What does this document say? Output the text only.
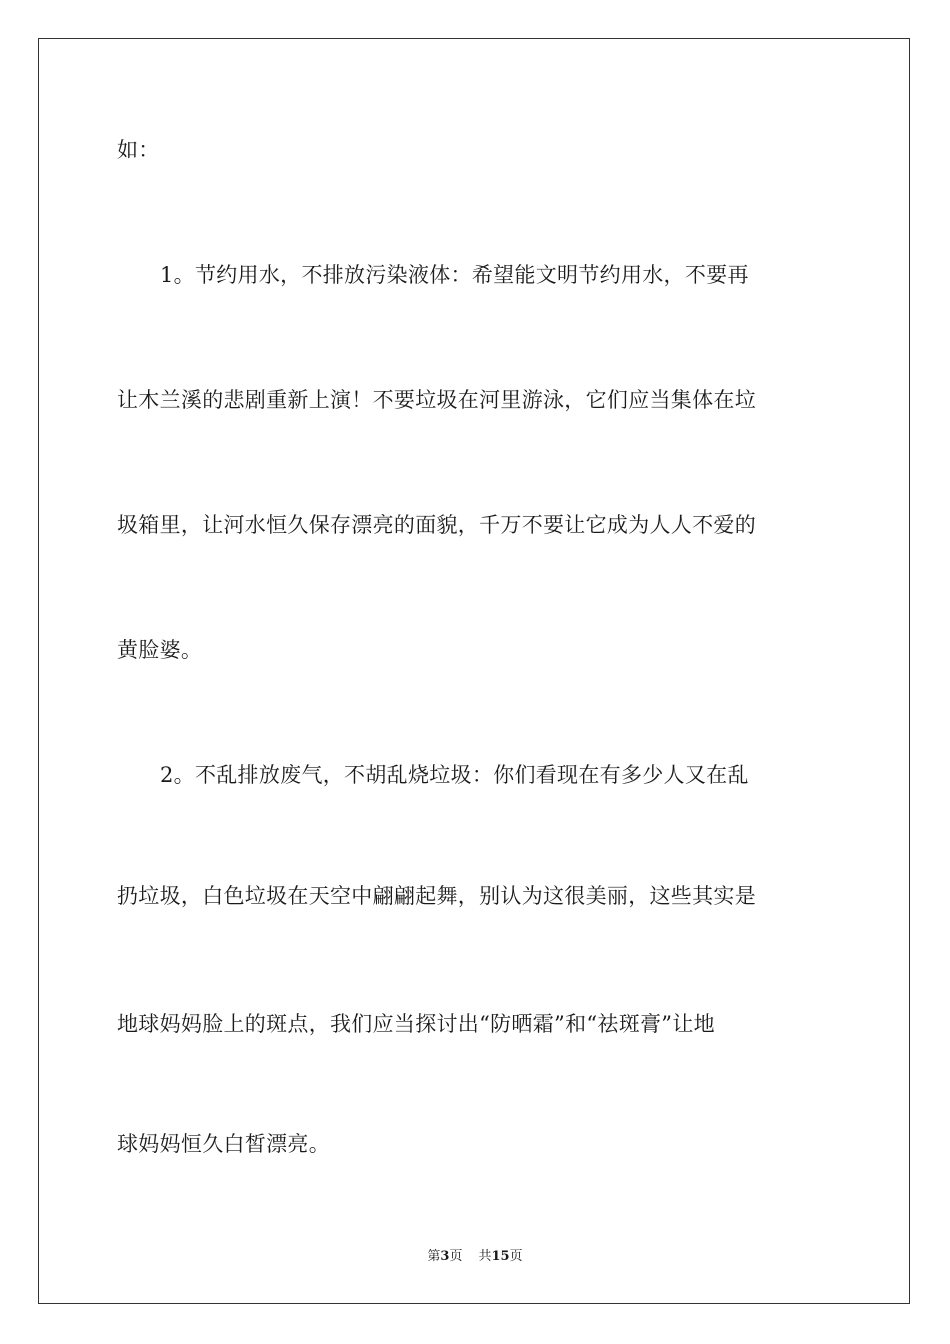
如：
1。节约用水，不排放污染液体：希望能文明节约用水，不要再
让木兰溪的悲剧重新上演！不要垃圾在河里游泳，它们应当集体在垃
圾箱里，让河水恒久保存漂亮的面貌，千万不要让它成为人人不爱的
黄脸婆。
2。不乱排放废气，不胡乱烧垃圾：你们看现在有多少人又在乱
扔垃圾，白色垃圾在天空中翩翩起舞，别认为这很美丽，这些其实是
地球妈妈脸上的斑点，我们应当探讨出“防晒霜”和“祛斑膏”让地
球妈妈恒久白皙漂亮。
第3页 共15页
